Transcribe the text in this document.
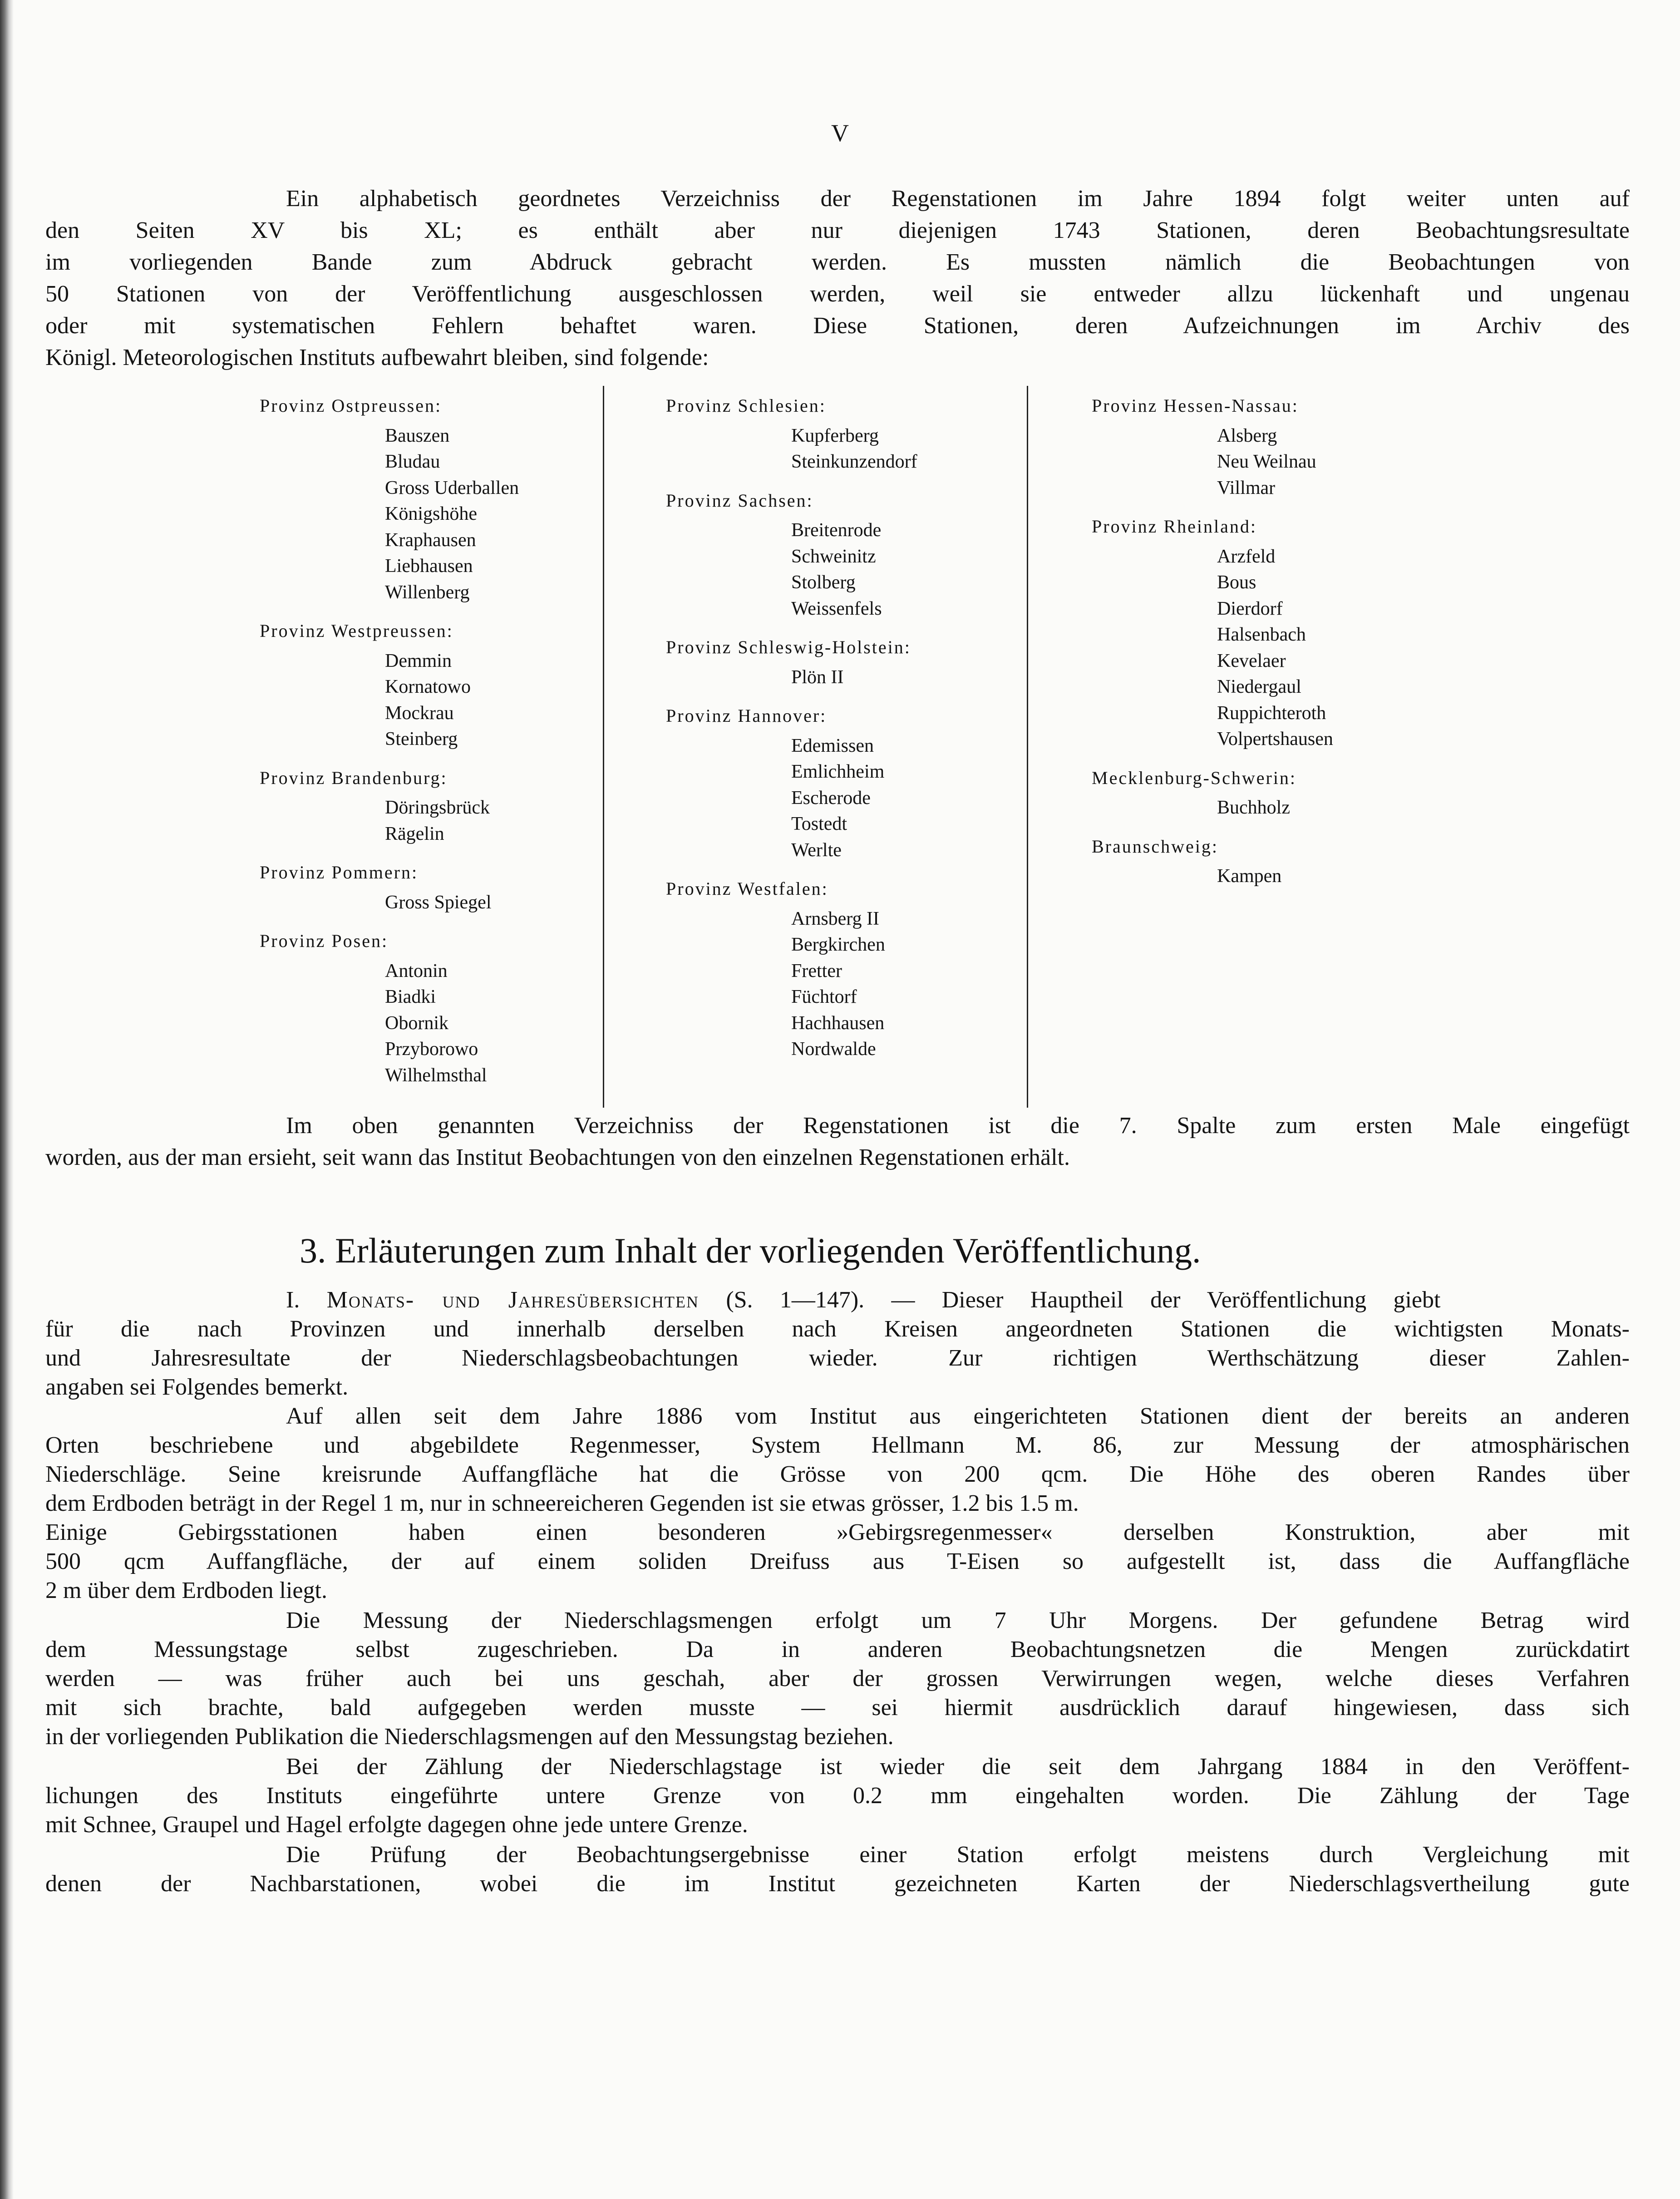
V
Ein alphabetisch geordnetes Verzeichniss der Regenstationen im Jahre 1894 folgt weiter unten auf
den Seiten XV bis XL; es enthält aber nur diejenigen 1743 Stationen, deren Beobachtungsresultate
im vorliegenden Bande zum Abdruck gebracht werden. Es mussten nämlich die Beobachtungen von
50 Stationen von der Veröffentlichung ausgeschlossen werden, weil sie entweder allzu lückenhaft und ungenau
oder mit systematischen Fehlern behaftet waren. Diese Stationen, deren Aufzeichnungen im Archiv des
Königl. Meteorologischen Instituts aufbewahrt bleiben, sind folgende:
Provinz Ostpreussen:
Bauszen
Bludau
Gross Uderballen
Königshöhe
Kraphausen
Liebhausen
Willenberg
Provinz Westpreussen:
Demmin
Kornatowo
Mockrau
Steinberg
Provinz Brandenburg:
Döringsbrück
Rägelin
Provinz Pommern:
Gross Spiegel
Provinz Posen:
Antonin
Biadki
Obornik
Przyborowo
Wilhelmsthal
Provinz Schlesien:
Kupferberg
Steinkunzendorf
Provinz Sachsen:
Breitenrode
Schweinitz
Stolberg
Weissenfels
Provinz Schleswig-Holstein:
Plön II
Provinz Hannover:
Edemissen
Emlichheim
Escherode
Tostedt
Werlte
Provinz Westfalen:
Arnsberg II
Bergkirchen
Fretter
Füchtorf
Hachhausen
Nordwalde
Provinz Hessen-Nassau:
Alsberg
Neu Weilnau
Villmar
Provinz Rheinland:
Arzfeld
Bous
Dierdorf
Halsenbach
Kevelaer
Niedergaul
Ruppichteroth
Volpertshausen
Mecklenburg-Schwerin:
Buchholz
Braunschweig:
Kampen
Im oben genannten Verzeichniss der Regenstationen ist die 7. Spalte zum ersten Male eingefügt
worden, aus der man ersieht, seit wann das Institut Beobachtungen von den einzelnen Regenstationen erhält.
3. Erläuterungen zum Inhalt der vorliegenden Veröffentlichung.
I. Monats- und Jahresübersichten (S. 1—147). — Dieser Hauptheil der Veröffentlichung giebt
für die nach Provinzen und innerhalb derselben nach Kreisen angeordneten Stationen die wichtigsten Monats-
und Jahresresultate der Niederschlagsbeobachtungen wieder. Zur richtigen Werthschätzung dieser Zahlen-
angaben sei Folgendes bemerkt.
Auf allen seit dem Jahre 1886 vom Institut aus eingerichteten Stationen dient der bereits an anderen
Orten beschriebene und abgebildete Regenmesser, System Hellmann M. 86, zur Messung der atmosphärischen
Niederschläge. Seine kreisrunde Auffangfläche hat die Grösse von 200 qcm. Die Höhe des oberen Randes über
dem Erdboden beträgt in der Regel 1 m, nur in schneereicheren Gegenden ist sie etwas grösser, 1.2 bis 1.5 m.
Einige Gebirgsstationen haben einen besonderen »Gebirgsregenmesser« derselben Konstruktion, aber mit
500 qcm Auffangfläche, der auf einem soliden Dreifuss aus T-Eisen so aufgestellt ist, dass die Auffangfläche
2 m über dem Erdboden liegt.
Die Messung der Niederschlagsmengen erfolgt um 7 Uhr Morgens. Der gefundene Betrag wird
dem Messungstage selbst zugeschrieben. Da in anderen Beobachtungsnetzen die Mengen zurückdatirt
werden — was früher auch bei uns geschah, aber der grossen Verwirrungen wegen, welche dieses Verfahren
mit sich brachte, bald aufgegeben werden musste — sei hiermit ausdrücklich darauf hingewiesen, dass sich
in der vorliegenden Publikation die Niederschlagsmengen auf den Messungstag beziehen.
Bei der Zählung der Niederschlagstage ist wieder die seit dem Jahrgang 1884 in den Veröffent-
lichungen des Instituts eingeführte untere Grenze von 0.2 mm eingehalten worden. Die Zählung der Tage
mit Schnee, Graupel und Hagel erfolgte dagegen ohne jede untere Grenze.
Die Prüfung der Beobachtungsergebnisse einer Station erfolgt meistens durch Vergleichung mit
denen der Nachbarstationen, wobei die im Institut gezeichneten Karten der Niederschlagsvertheilung gute
